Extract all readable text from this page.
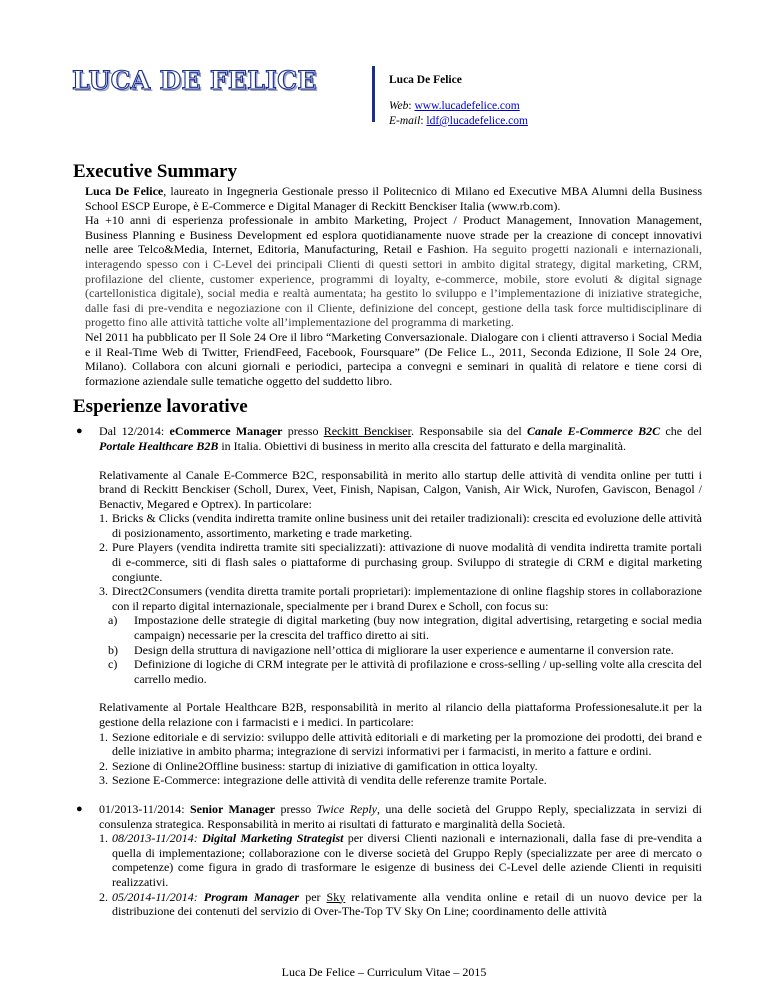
LUCA DE FELICE	Luca De Felice
Web: www.lucadefelice.com
E-mail: ldf@lucadefelice.com
Executive Summary
Luca De Felice, laureato in Ingegneria Gestionale presso il Politecnico di Milano ed Executive MBA Alumni della Business School ESCP Europe, è E-Commerce e Digital Manager di Reckitt Benckiser Italia (www.rb.com).
Ha +10 anni di esperienza professionale in ambito Marketing, Project / Product Management, Innovation Management, Business Planning e Business Development ed esplora quotidianamente nuove strade per la creazione di concept innovativi nelle aree Telco&Media, Internet, Editoria, Manufacturing, Retail e Fashion. Ha seguito progetti nazionali e internazionali, interagendo spesso con i C-Level dei principali Clienti di questi settori in ambito digital strategy, digital marketing, CRM, profilazione del cliente, customer experience, programmi di loyalty, e-commerce, mobile, store evoluti & digital signage (cartellonistica digitale), social media e realtà aumentata; ha gestito lo sviluppo e l’implementazione di iniziative strategiche, dalle fasi di pre-vendita e negoziazione con il Cliente, definizione del concept, gestione della task force multidisciplinare di progetto fino alle attività tattiche volte all’implementazione del programma di marketing.
Nel 2011 ha pubblicato per Il Sole 24 Ore il libro “Marketing Conversazionale. Dialogare con i clienti attraverso i Social Media e il Real-Time Web di Twitter, FriendFeed, Facebook, Foursquare” (De Felice L., 2011, Seconda Edizione, Il Sole 24 Ore, Milano). Collabora con alcuni giornali e periodici, partecipa a convegni e seminari in qualità di relatore e tiene corsi di formazione aziendale sulle tematiche oggetto del suddetto libro.
Esperienze lavorative
● Dal 12/2014: eCommerce Manager presso Reckitt Benckiser. Responsabile sia del Canale E-Commerce B2C che del Portale Healthcare B2B in Italia. Obiettivi di business in merito alla crescita del fatturato e della marginalità.

Relativamente al Canale E-Commerce B2C, responsabilità in merito allo startup delle attività di vendita online per tutti i brand di Reckitt Benckiser (Scholl, Durex, Veet, Finish, Napisan, Calgon, Vanish, Air Wick, Nurofen, Gaviscon, Benagol / Benactiv, Megared e Optrex). In particolare:

1. Bricks & Clicks (vendita indiretta tramite online business unit dei retailer tradizionali): crescita ed evoluzione delle attività di posizionamento, assortimento, marketing e trade marketing.
2. Pure Players (vendita indiretta tramite siti specializzati): attivazione di nuove modalità di vendita indiretta tramite portali di e-commerce, siti di flash sales o piattaforme di purchasing group. Sviluppo di strategie di CRM e digital marketing congiunte.
3. Direct2Consumers (vendita diretta tramite portali proprietari): implementazione di online flagship stores in collaborazione con il reparto digital internazionale, specialmente per i brand Durex e Scholl, con focus su:
a) Impostazione delle strategie di digital marketing (buy now integration, digital advertising, retargeting e social media campaign) necessarie per la crescita del traffico diretto ai siti.
b) Design della struttura di navigazione nell’ottica di migliorare la user experience e aumentarne il conversion rate.
c) Definizione di logiche di CRM integrate per le attività di profilazione e cross-selling / up-selling volte alla crescita del carrello medio.

Relativamente al Portale Healthcare B2B, responsabilità in merito al rilancio della piattaforma Professionesalute.it per la gestione della relazione con i farmacisti e i medici. In particolare:

1. Sezione editoriale e di servizio: sviluppo delle attività editoriali e di marketing per la promozione dei prodotti, dei brand e delle iniziative in ambito pharma; integrazione di servizi informativi per i farmacisti, in merito a fatture e ordini.
2. Sezione di Online2Offline business: startup di iniziative di gamification in ottica loyalty.
3. Sezione E-Commerce: integrazione delle attività di vendita delle referenze tramite Portale.
● 01/2013-11/2014: Senior Manager presso Twice Reply, una delle società del Gruppo Reply, specializzata in servizi di consulenza strategica. Responsabilità in merito ai risultati di fatturato e marginalità della Società.

1. 08/2013-11/2014: Digital Marketing Strategist per diversi Clienti nazionali e internazionali, dalla fase di pre-vendita a quella di implementazione; collaborazione con le diverse società del Gruppo Reply (specializzate per aree di mercato o competenze) come figura in grado di trasformare le esigenze di business dei C-Level delle aziende Clienti in requisiti realizzativi.
2. 05/2014-11/2014: Program Manager per Sky relativamente alla vendita online e retail di un nuovo device per la distribuzione dei contenuti del servizio di Over-The-Top TV Sky On Line; coordinamento delle attività
Luca De Felice – Curriculum Vitae – 2015
